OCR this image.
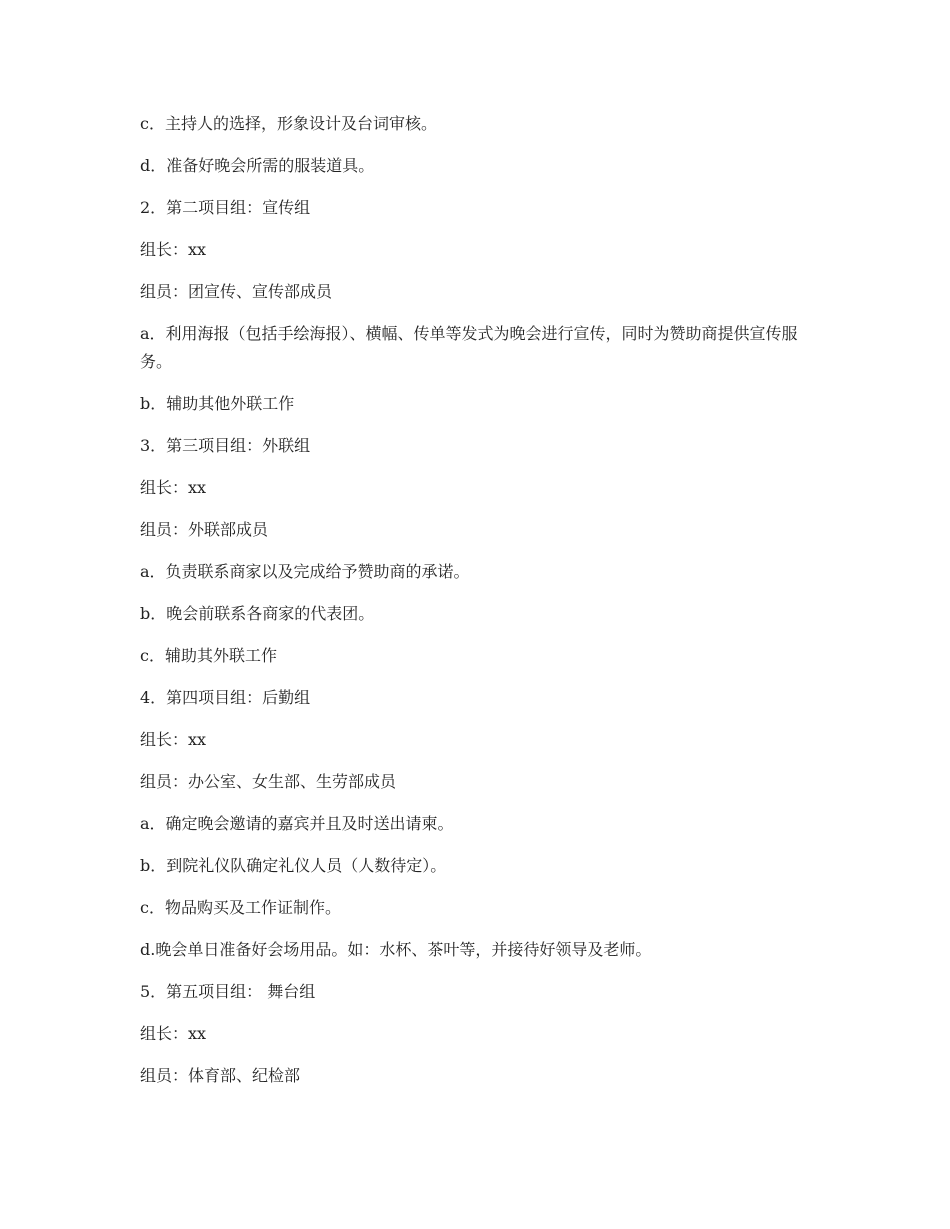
c．主持人的选择，形象设计及台词审核。

d．准备好晚会所需的服装道具。

2．第二项目组：宣传组

组长：xx

组员：团宣传、宣传部成员

a．利用海报（包括手绘海报）、横幅、传单等发式为晚会进行宣传，同时为赞助商提供宣传服务。

b．辅助其他外联工作

3．第三项目组：外联组

组长：xx

组员：外联部成员

a．负责联系商家以及完成给予赞助商的承诺。

b．晚会前联系各商家的代表团。

c．辅助其外联工作

4．第四项目组：后勤组

组长：xx

组员：办公室、女生部、生劳部成员

a．确定晚会邀请的嘉宾并且及时送出请柬。

b．到院礼仪队确定礼仪人员（人数待定）。

c．物品购买及工作证制作。

d.晚会单日准备好会场用品。如：水杯、茶叶等，并接待好领导及老师。

5．第五项目组： 舞台组

组长：xx

组员：体育部、纪检部
